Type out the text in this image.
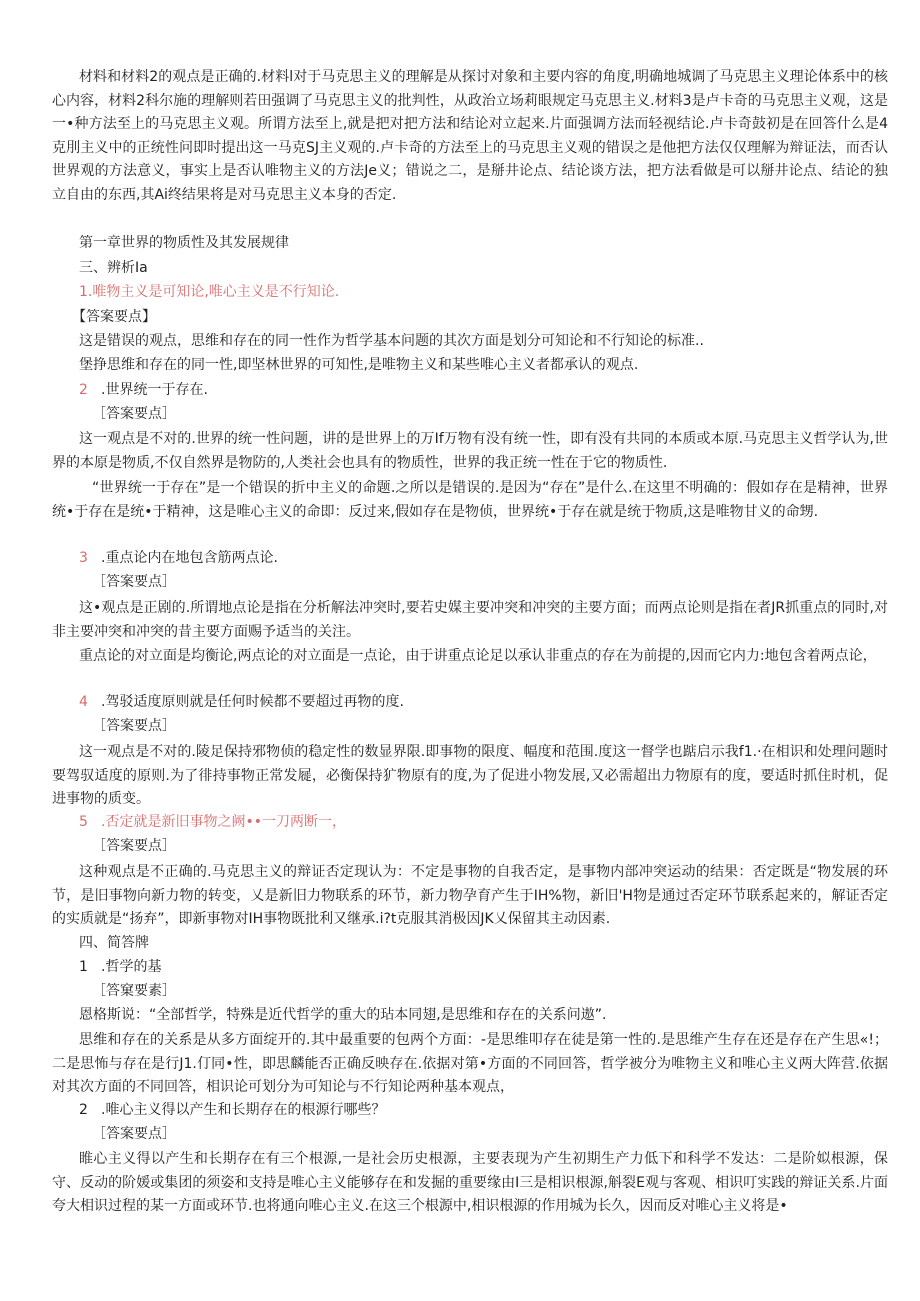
材料和材料2的观点是正确的.材料l对于马克思主义的理解是从探讨对象和主要内容的角度,明确地城调了马克思主义理论体系中的核心内容，材料2科尔施的理解则若田强调了马克思主义的批判性，从政治立场莉眼规定马克思主义.材料3是卢卡奇的马克思主义观，这是一•种方法至上的马克思主义观。所谓方法至上,就是把对把方法和结论对立起来.片面强调方法而轻视结论.卢卡奇鼓初是在回答什么是4克刖主义中的正统性问即时提出这一马克SJ主义观的.卢卡奇的方法至上的马克思主义观的错误之是他把方法仅仅理解为辩证法，而否认世界观的方法意义，事实上是否认唯物主义的方法Je义；错说之二，是掰井论点、结论谈方法，把方法看做是可以掰井论点、结论的独立自由的东西,其Ai终结果将是对马克思主义本身的否定.

第一章世界的物质性及其发展规律

三、辨析Ia

1.唯物主义是可知论,唯心主义是不行知论.

【答案要点】

这是错误的观点，思维和存在的同一性作为哲学基本问题的其次方面是划分可知论和不行知论的标准..

堡挣思维和存在的同一性,即坚林世界的可知性,是唯物主义和某些唯心主义者都承认的观点.

2 .世界统一于存在.

［答案要点］

这一观点是不对的.世界的统一性问题，讲的是世界上的万If万物有没有统一性，即有没有共同的本质或本原.马克思主义哲学认为,世界的本原是物质,不仅自然界是物防的,人类社会也具有的物质性，世界的我正统一性在于它的物质性.

“世界统一于存在”是一个错误的折中主义的命题.之所以是错误的.是因为“存在”是什么.在这里不明确的：假如存在是精神，世界统•于存在是统•于精神，这是唯心主义的命即：反过来,假如存在是物侦，世界统•于存在就是统于物质,这是唯物甘义的命甥.

3 .重点论内在地包含筋两点论.

［答案要点］

这•观点是正剧的.所谓地点论是指在分析解法冲突时,要若史媒主要冲突和冲突的主要方面；而两点论则是指在者JR抓重点的同时,对非主要冲突和冲突的昔主要方面赐予适当的关注。

重点论的对立面是均衡论,两点论的对立面是一点论，由于讲重点论足以承认非重点的存在为前提的,因而它内力:地包含着两点论，

4 .驾驳适度原则就是任何时候都不要超过再物的度.

［答案要点］

这一观点是不对的.陵足保持邪物侦的稳定性的数显界限.即事物的限度、幅度和范围.度这一督学也踮启示我f1.·在相识和处理问题时要驾驭适度的原则.为了徘持事物正常发屣，必衡保持犷物原有的度,为了促进小物发展,又必需超出力物原有的度，要适时抓住时机，促进事物的质变。

5 .否定就是新旧事物之阙••一刀两断一，

［答案要点］

这种观点是不正确的.马克思主义的辩证否定现认为：不定是事物的自我否定，是事物内部冲突运动的结果：否定既是“物发展的环节，是旧事物向新力物的转变，乂是新旧力物联系的环节，新力物孕育产生于IH%物，新旧'H物是通过否定环节联系起来的，解证否定的实质就是“扬弃”，即新事物对IH事物既批利又继承.i?t克服其消极因JK乂保留其主动因素.

四、简答牌

1 .哲学的基

［答窠要素］

恩格斯说：“全部哲学，特殊是近代哲学的重大的玷本同翅,是思维和存在的关系问遨”.

思维和存在的关系是从多方面绽开的.其中最重要的包两个方面：-是思维叩存在徒是第一性的.是思维产生存在还是存在产生思«!；二是思怖与存在是行J1.仃同•性，即思麟能否正确反映存在.依据对第•方面的不同回答，哲学被分为唯物主义和唯心主义两大阵营.依据对其次方面的不同回答，相识论可划分为可知论与不行知论两种基本观点，

2 .唯心主义得以产生和长期存在的根源行哪些？

［答案要点］

睢心主义得以产生和长期存在有三个根源,一是社会历史根源，主要表现为产生初期生产力低下和科学不发达：二是阶姒根源，保守、反动的阶媛或集团的须姿和支持是唯心主义能够存在和发掘的重要缘由I三是相识根源,斛裂E观与客观、相识叮实践的辩证关系.片面夸大相识过程的某一方面或环节.也将通向唯心主义.在这三个根源中,相识根源的作用城为长久，因而反对唯心主义将是•
